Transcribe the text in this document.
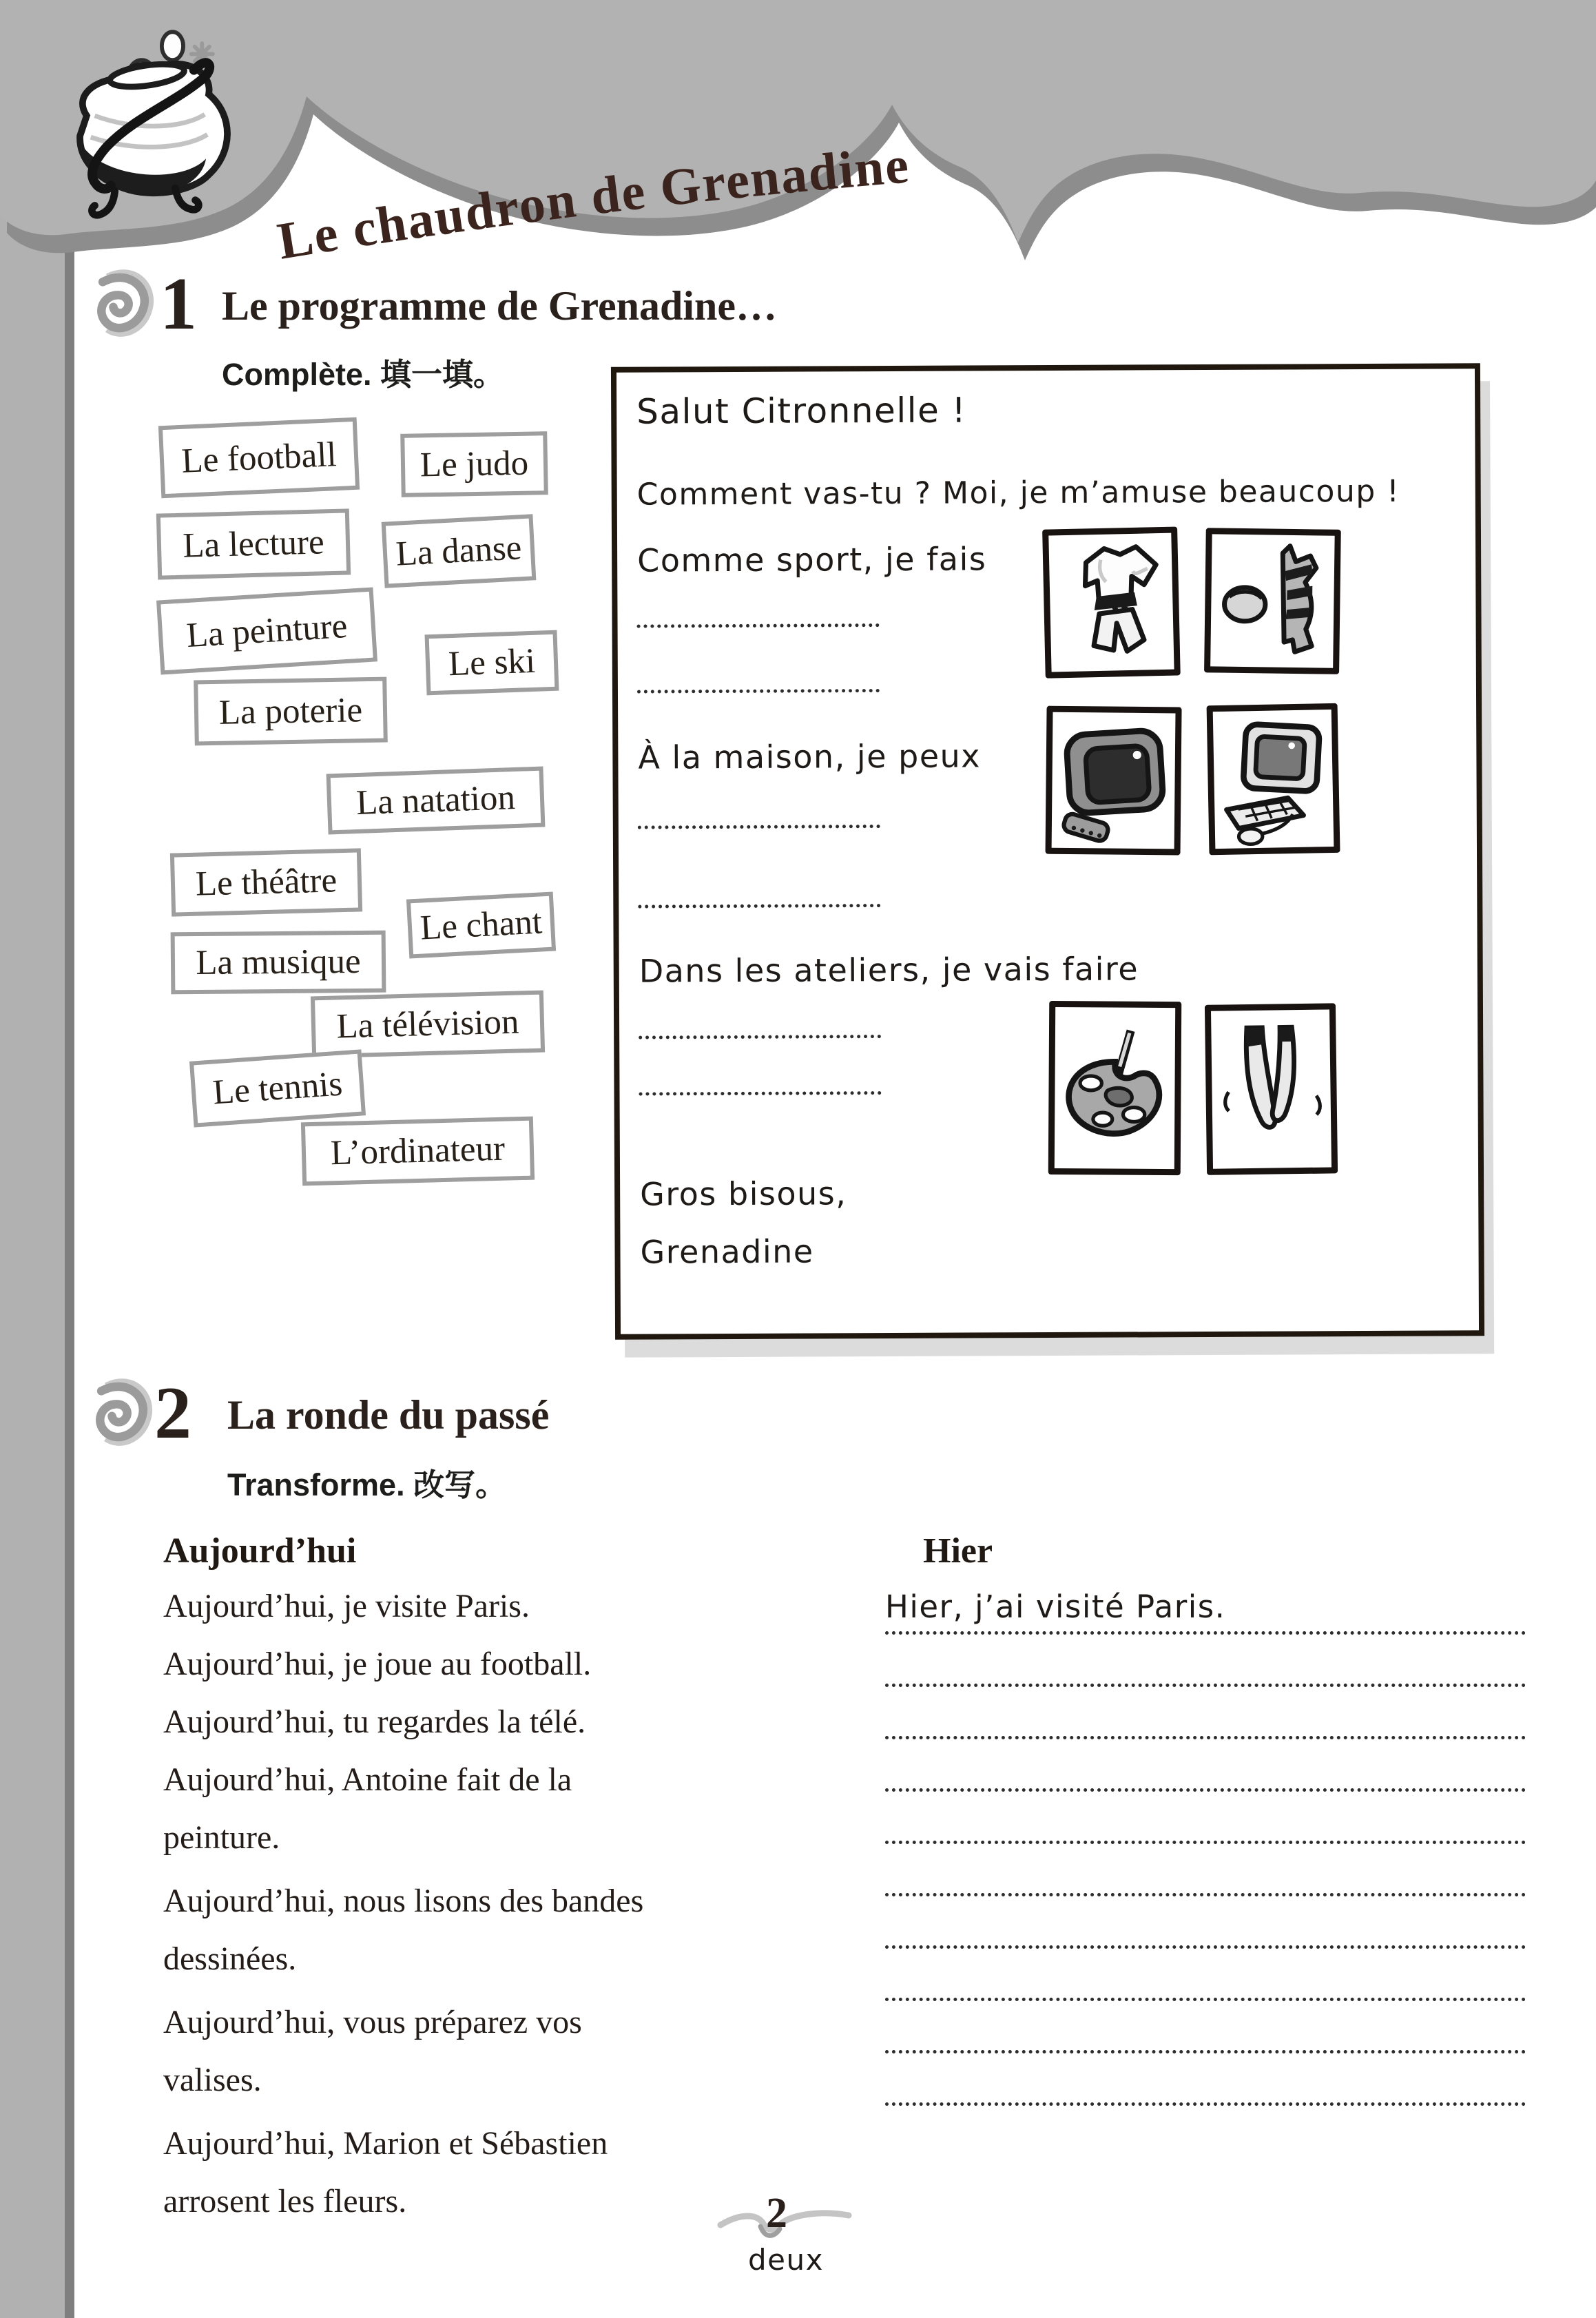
Le chaudron de Grenadine
1 Le programme de Grenadine…
Complète. 填一填。
Le football Le judo
La lecture La danse
La peinture
Le ski
La poterie
La natation
Le théâtre
Le chant
La musique
La télévision
Le tennis
L’ordinateur
Salut Citronnelle !
Comment vas-tu ? Moi, je m’amuse beaucoup !
Comme sport, je fais
À la maison, je peux
Dans les ateliers, je vais faire
Gros bisous,
Grenadine
2 La ronde du passé
Transforme. 改写。
Aujourd’hui	Hier
Aujourd’hui, je visite Paris.
Aujourd’hui, je joue au football.
Aujourd’hui, tu regardes la télé.
Aujourd’hui, Antoine fait de la peinture.
Aujourd’hui, nous lisons des bandes dessinées.
Aujourd’hui, vous préparez vos valises.
Aujourd’hui, Marion et Sébastien arrosent les fleurs.
Hier, j’ai visité Paris.
2
deux
